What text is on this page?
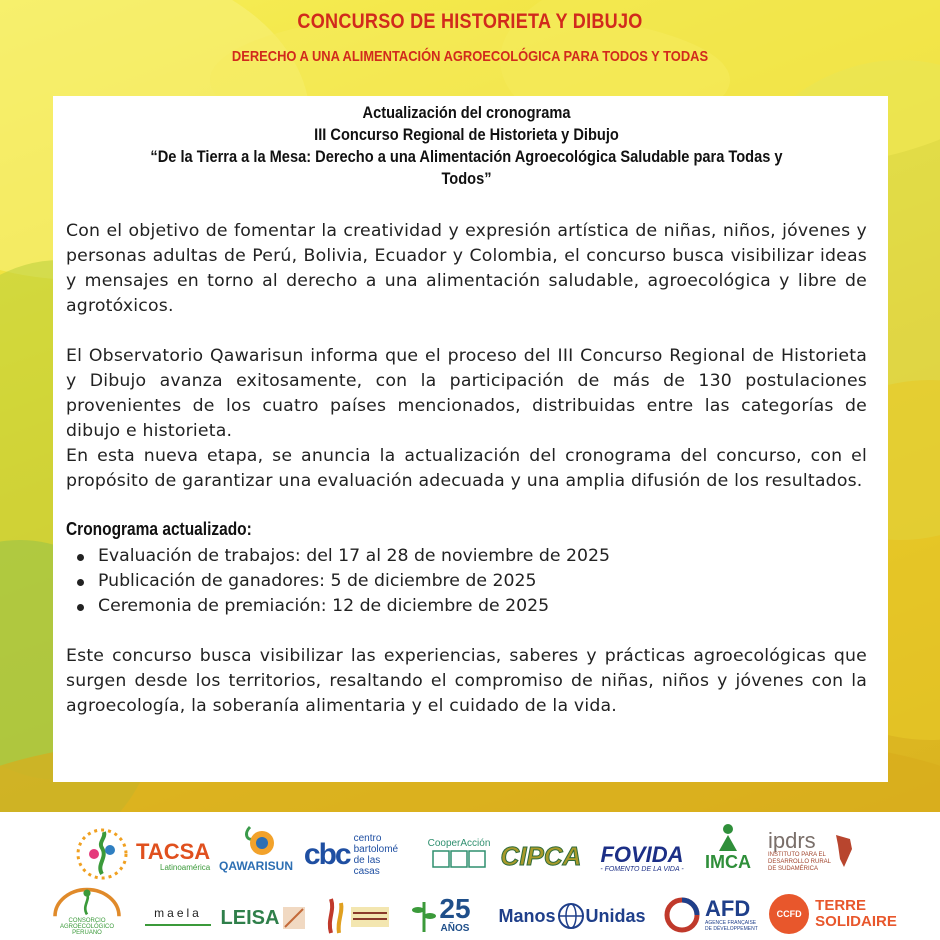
CONCURSO DE HISTORIETA Y DIBUJO
DERECHO A UNA ALIMENTACIÓN AGROECOLÓGICA PARA TODOS Y TODAS
Actualización del cronograma
III Concurso Regional de Historieta y Dibujo
“De la Tierra a la Mesa: Derecho a una Alimentación Agroecológica Saludable para Todas y
Todos”

Con el objetivo de fomentar la creatividad y expresión artística de niñas, niños, jóvenes y personas adultas de Perú, Bolivia, Ecuador y Colombia, el concurso busca visibilizar ideas y mensajes en torno al derecho a una alimentación saludable, agroecológica y libre de agrotóxicos.

El Observatorio Qawarisun informa que el proceso del III Concurso Regional de Historieta y Dibujo avanza exitosamente, con la participación de más de 130 postulaciones provenientes de los cuatro países mencionados, distribuidas entre las categorías de dibujo e historieta.

En esta nueva etapa, se anuncia la actualización del cronograma del concurso, con el propósito de garantizar una evaluación adecuada y una amplia difusión de los resultados.

Cronograma actualizado:
Evaluación de trabajos: del 17 al 28 de noviembre de 2025
Publicación de ganadores: 5 de diciembre de 2025
Ceremonia de premiación: 12 de diciembre de 2025

Este concurso busca visibilizar las experiencias, saberes y prácticas agroecológicas que surgen desde los territorios, resaltando el compromiso de niñas, niños y jóvenes con la agroecología, la soberanía alimentaria y el cuidado de la vida.

TACSA
Latinoamérica QAWARISUN cbc centro
bartolomé
de las casas
CooperAcción CIPCA FOVIDA
- FOMENTO DE LA VIDA - IMCA
ipdrs
INSTITUTO PARA EL DESARROLLO RURAL DE SUDAMÉRICA
CONSORCIO AGROECOLÓGICO PERUANO
maela LEISA	25
AÑOS
Manos Unidas	AFD
AGENCE FRANÇAISE DE DÉVELOPPEMENT
CCFD TERRE
SOLIDAIRE
